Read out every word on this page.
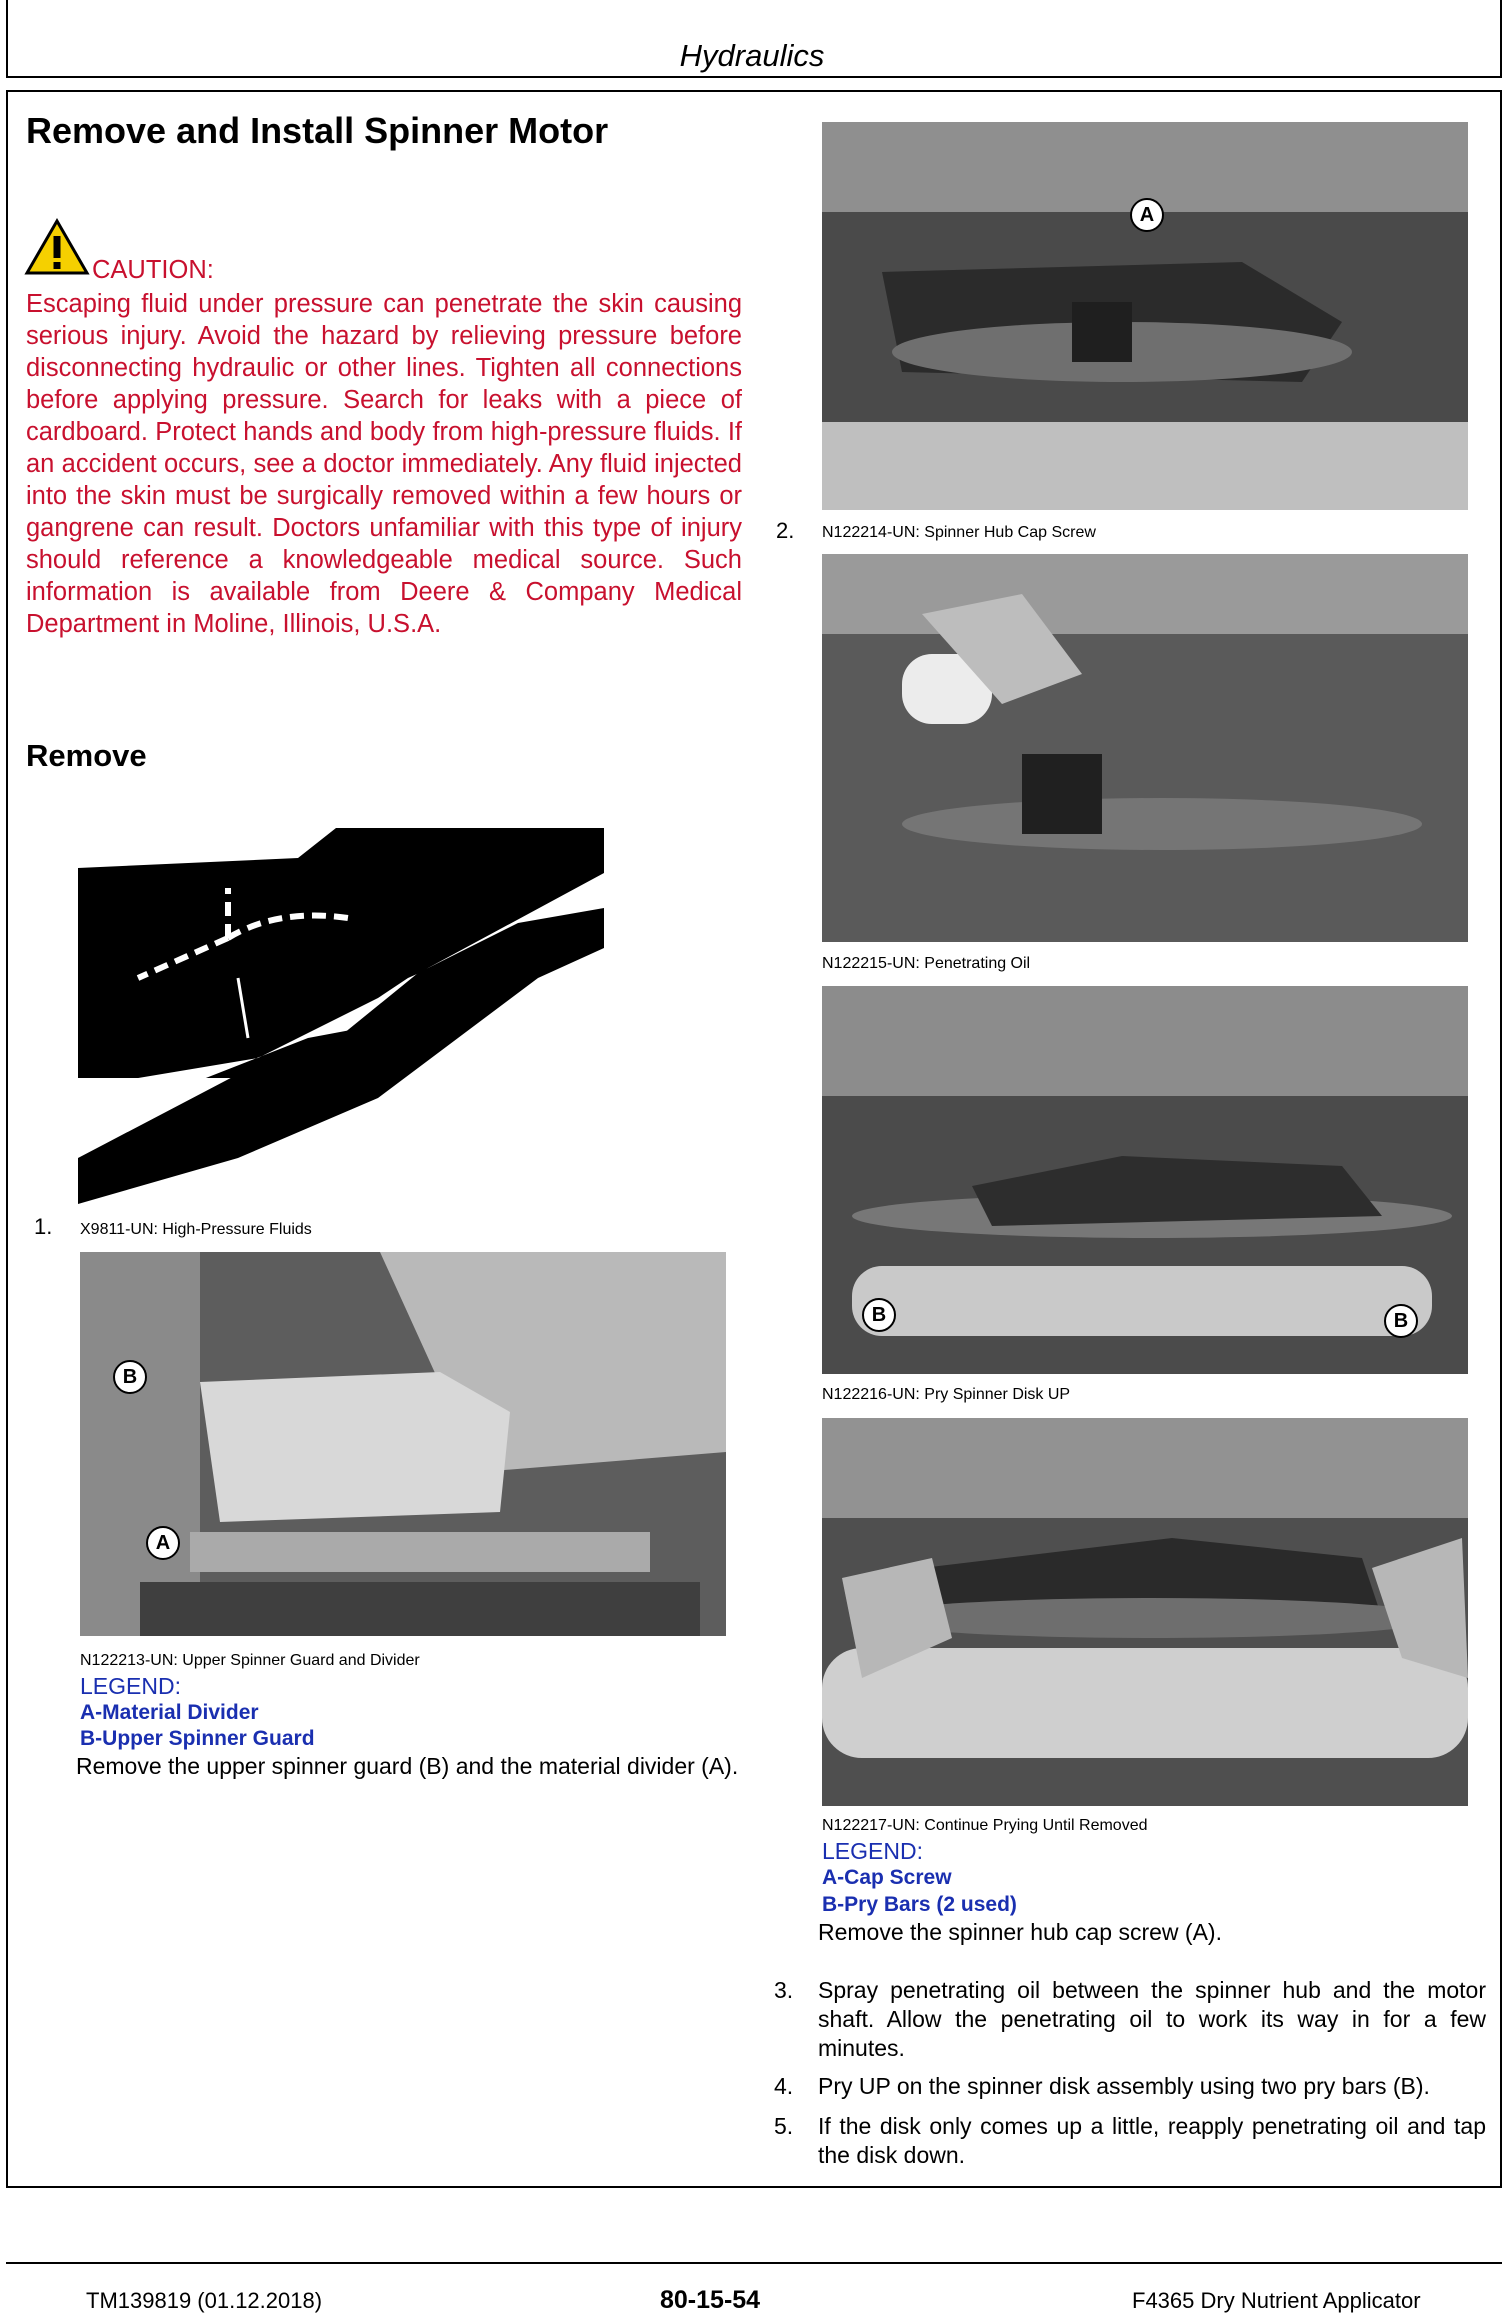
Hydraulics
Remove and Install Spinner Motor
CAUTION:
Escaping fluid under pressure can penetrate the skin causing serious injury. Avoid the hazard by relieving pressure before disconnecting hydraulic or other lines. Tighten all connections before applying pressure. Search for leaks with a piece of cardboard. Protect hands and body from high-pressure fluids. If an accident occurs, see a doctor immediately. Any fluid injected into the skin must be surgically removed within a few hours or gangrene can result. Doctors unfamiliar with this type of injury should reference a knowledgeable medical source. Such information is available from Deere & Company Medical Department in Moline, Illinois, U.S.A.
Remove
1. X9811-UN: High-Pressure Fluids
B
A
N122213-UN: Upper Spinner Guard and Divider
LEGEND:
A-Material Divider
B-Upper Spinner Guard
Remove the upper spinner guard (B) and the material divider (A).
A
2. N122214-UN: Spinner Hub Cap Screw
N122215-UN: Penetrating Oil
B	B
N122216-UN: Pry Spinner Disk UP
N122217-UN: Continue Prying Until Removed
LEGEND:
A-Cap Screw
B-Pry Bars (2 used)
Remove the spinner hub cap screw (A).
3. Spray penetrating oil between the spinner hub and the motor shaft. Allow the penetrating oil to work its way in for a few minutes.
4. Pry UP on the spinner disk assembly using two pry bars (B).
5. If the disk only comes up a little, reapply penetrating oil and tap the disk down.
TM139819 (01.12.2018)	80-15-54	F4365 Dry Nutrient Applicator
